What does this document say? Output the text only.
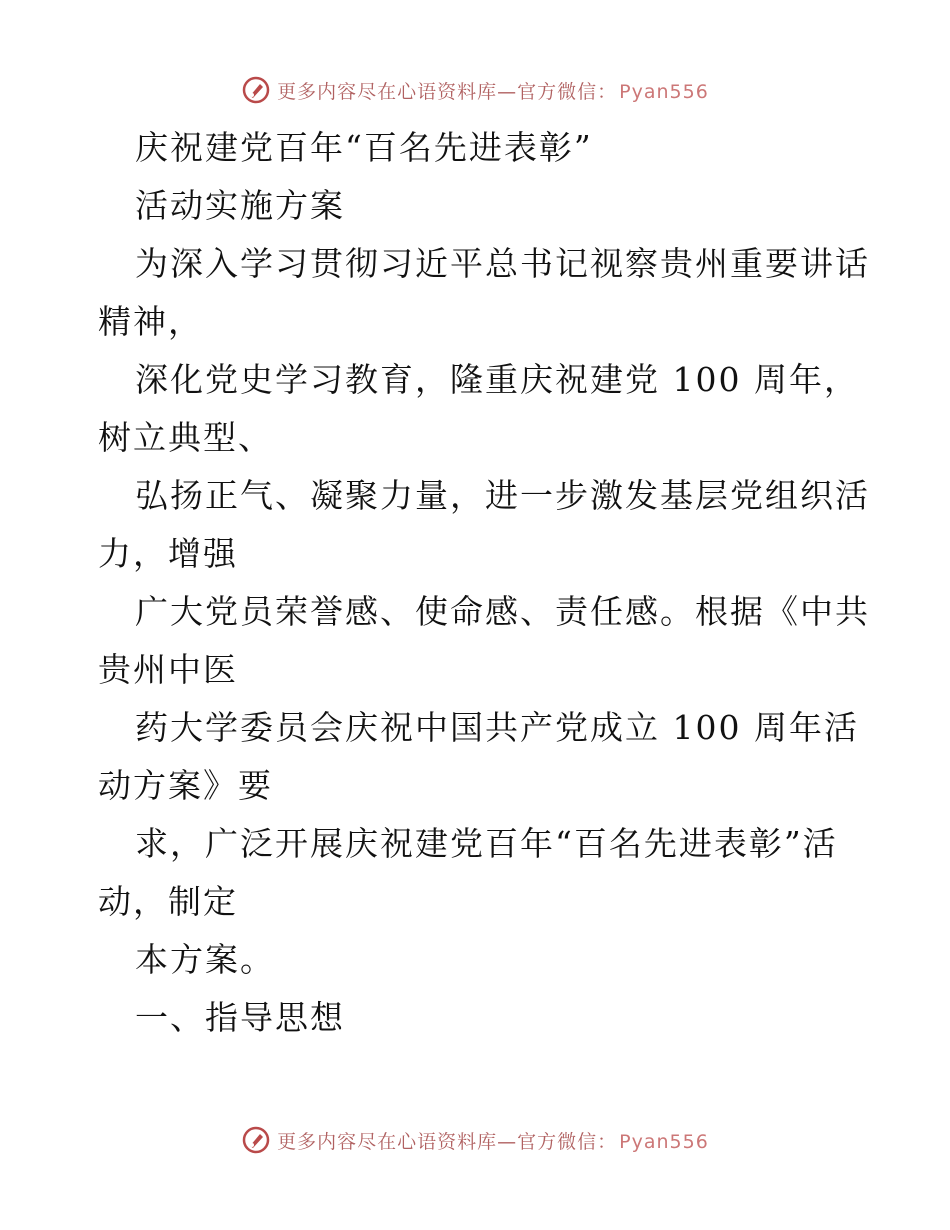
更多内容尽在心语资料库—官方微信： Pyan556
庆祝建党百年“百名先进表彰”
活动实施方案
为深入学习贯彻习近平总书记视察贵州重要讲话
精神，
深化党史学习教育，隆重庆祝建党 100 周年，
树立典型、
弘扬正气、凝聚力量，进一步激发基层党组织活
力，增强
广大党员荣誉感、使命感、责任感。根据《中共
贵州中医
药大学委员会庆祝中国共产党成立 100 周年活
动方案》要
求，广泛开展庆祝建党百年“百名先进表彰”活
动，制定
本方案。
一、指导思想
更多内容尽在心语资料库—官方微信： Pyan556
